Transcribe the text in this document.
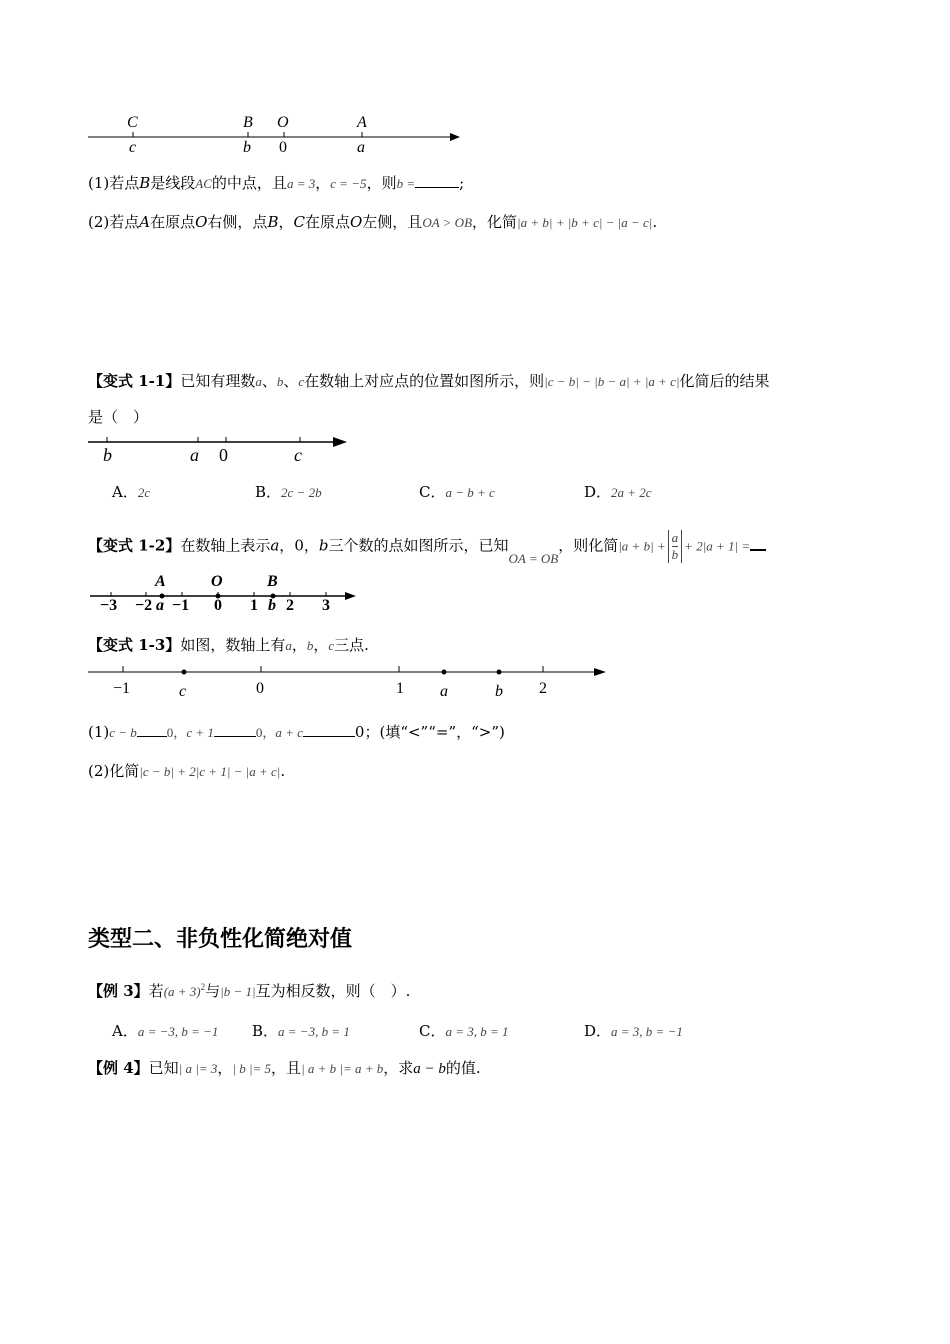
C	B O	A
c	b 0	a
(1)若点B是线段AC的中点，且a = 3，c = −5，则b =	;
(2)若点A在原点O右侧，点B，C在原点O左侧，且OA > OB，化简|a + b| + |b + c| − |a − c|.
【变式 1-1】已知有理数a、b、c在数轴上对应点的位置如图所示，则|c − b| − |b − a| + |a + c|化简后的结果
是（　）
b	a 0	c
A．2c	B．2c − 2b	C．a − b + c	D．2a + 2c
【变式 1-2】在数轴上表示a，0，b三个数的点如图所示，已知OA = OB，则化简$|a + b| + \frac{a}{b} + 2|a + 1|$ =
A	O	B
−3 −2 a −1 0 1 b 2 3
【变式 1-3】如图，数轴上有a，b，c三点.
−1	c	0	1 a	b 2
(1)c − b 0，c + 1	0，a + c	0；(填“<”“=”，“>”)
(2)化简|c − b| + 2|c + 1| − |a + c|.
类型二、非负性化简绝对值
【例 3】若$(a + 3)^2$与|b − 1|互为相反数，则（　）.
A．a = −3, b = −1 B．a = −3, b = 1	C．a = 3, b = 1	D．a = 3, b = −1
【例 4】已知| a |= 3，| b |= 5，且| a + b |= a + b，求a − b的值.
